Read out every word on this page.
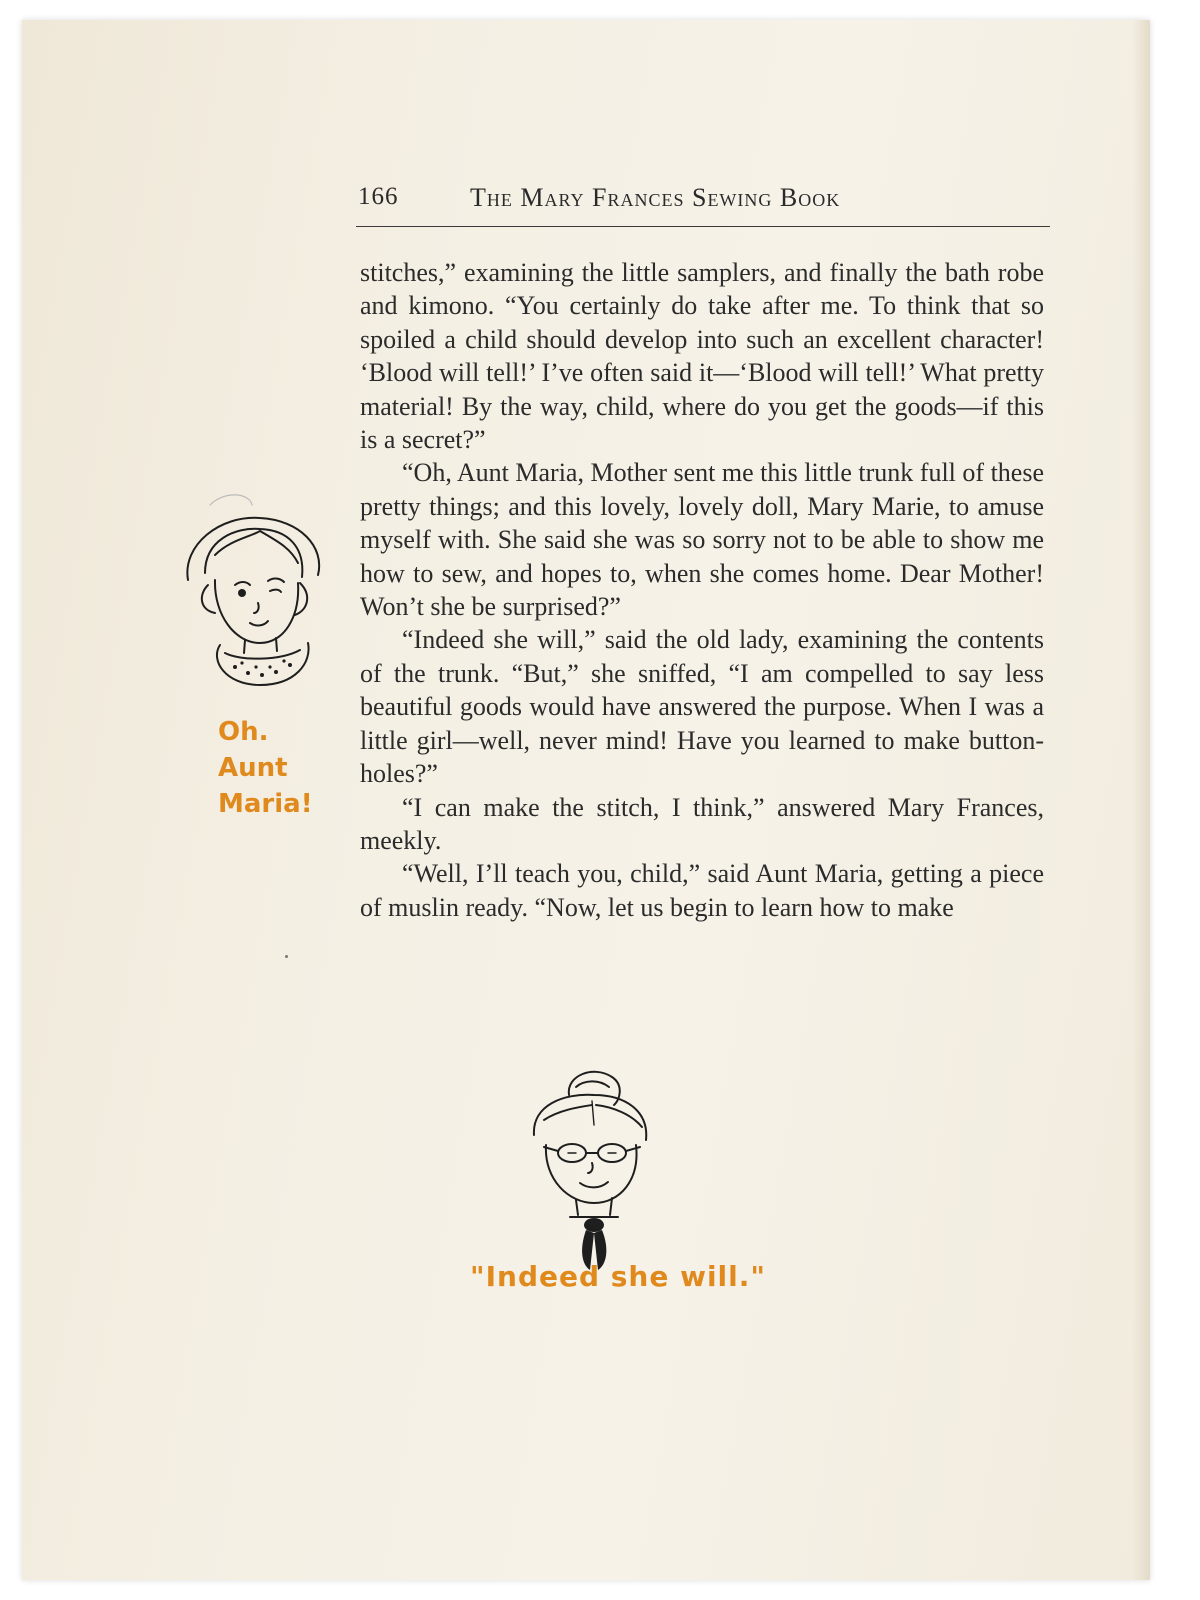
166	The Mary Frances Sewing Book

stitches,” examining the little samplers, and finally the bath robe and kimono. “You certainly do take after me. To think that so spoiled a child should develop into such an excellent character! ‘Blood will tell!’ I’ve often said it—‘Blood will tell!’ What pretty material! By the way, child, where do you get the goods—if this is a secret?”

“Oh, Aunt Maria, Mother sent me this little trunk full of these pretty things; and this lovely, lovely doll, Mary Marie, to amuse myself with. She said she was so sorry not to be able to show me how to sew, and hopes to, when she comes home. Dear Mother! Won’t she be surprised?”

“Indeed she will,” said the old lady, examining the contents of the trunk. “But,” she sniffed, “I am compelled to say less beautiful goods would have answered the purpose. When I was a little girl—well, never mind! Have you learned to make button-holes?”

“I can make the stitch, I think,” answered Mary Frances, meekly.

“Well, I’ll teach you, child,” said Aunt Maria, getting a piece of muslin ready. “Now, let us begin to learn how to make

Oh.
Aunt
Maria!
"Indeed she will."
